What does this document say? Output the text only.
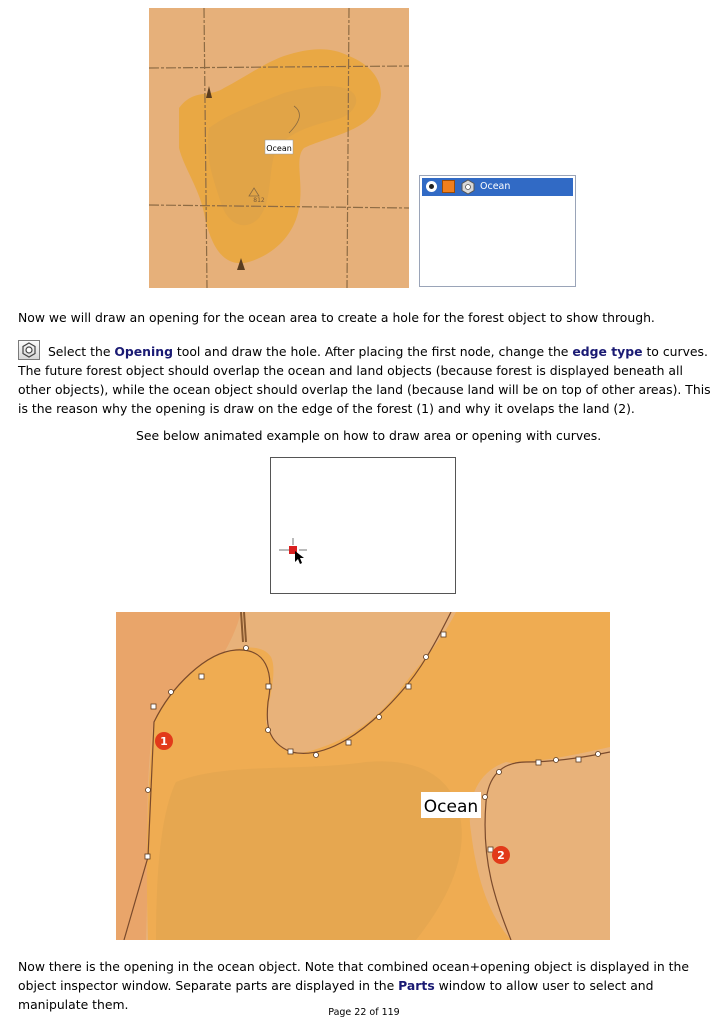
Ocean
812
Ocean

Now we will draw an opening for the ocean area to create a hole for the forest object to show through.

Select the Opening tool and draw the hole. After placing the first node, change the edge type to curves. The future forest object should overlap the ocean and land objects (because forest is displayed beneath all other objects), while the ocean object should overlap the land (because land will be on top of other areas). This is the reason why the opening is draw on the edge of the forest (1) and why it ovelaps the land (2).

See below animated example on how to draw area or opening with curves.

1
2
Ocean

Now there is the opening in the ocean object. Note that combined ocean+opening object is displayed in the object inspector window. Separate parts are displayed in the Parts window to allow user to select and manipulate them.

Page 22 of 119
